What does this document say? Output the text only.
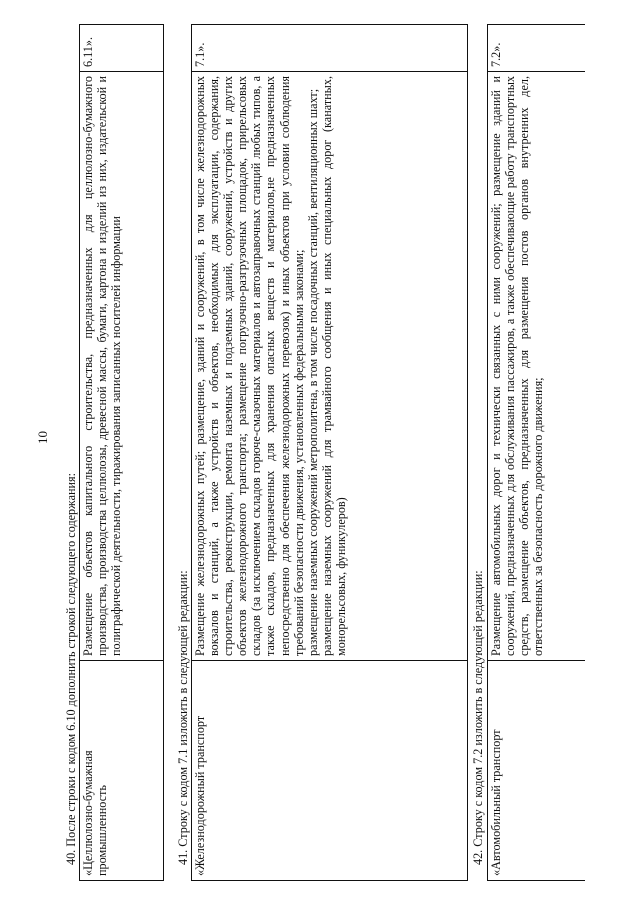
10
40. После строки с кодом 6.10 дополнить строкой следующего содержания: «Целлюлозно-бумажная промышленность
Размещение объектов капитального строительства, предназначенных для целлюлозно-бумажного производства, производства целлюлозы, древесной массы, бумаги, картона и изделий из них, издательской и полиграфической деятельности, тиражирования записанных носителей информации
6.11».
41. Строку с кодом 7.1 изложить в следующей редакции: «Железнодорожный транспорт
Размещение железнодорожных путей; размещение, зданий и сооружений, в том числе железнодорожных вокзалов и станций, а также устройств и объектов, необходимых для эксплуатации, содержания, строительства, реконструкции, ремонта наземных и подземных зданий, сооружений, устройств и других объектов железнодорожного транспорта; размещение погрузочно-разгрузочных площадок, прирельсовых складов (за исключением складов горюче-смазочных материалов и автозаправочных станций любых типов, а также складов, предназначенных для хранения опасных веществ и материалов,не предназначенных непосредственно для обеспечения железнодорожных перевозок) и иных объектов при условии соблюдения требований безопасности движения, установленных федеральными законами; размещение наземных сооружений метрополитена, в том числе посадочных станций, вентиляционных шахт; размещение наземных сооружений для трамвайного сообщения и иных специальных дорог (канатных, монорельсовых, фуникулеров)
7.1».
42. Строку с кодом 7.2 изложить в следующей редакции: «Автомобильный транспорт
Размещение автомобильных дорог и технически связанных с ними сооружений; размещение зданий и сооружений, предназначенных для обслуживания пассажиров, а также обеспечивающие работу транспортных средств, размещение объектов, предназначенных для размещения постов органов внутренних дел, ответственных за безопасность дорожного движения;
7.2».
